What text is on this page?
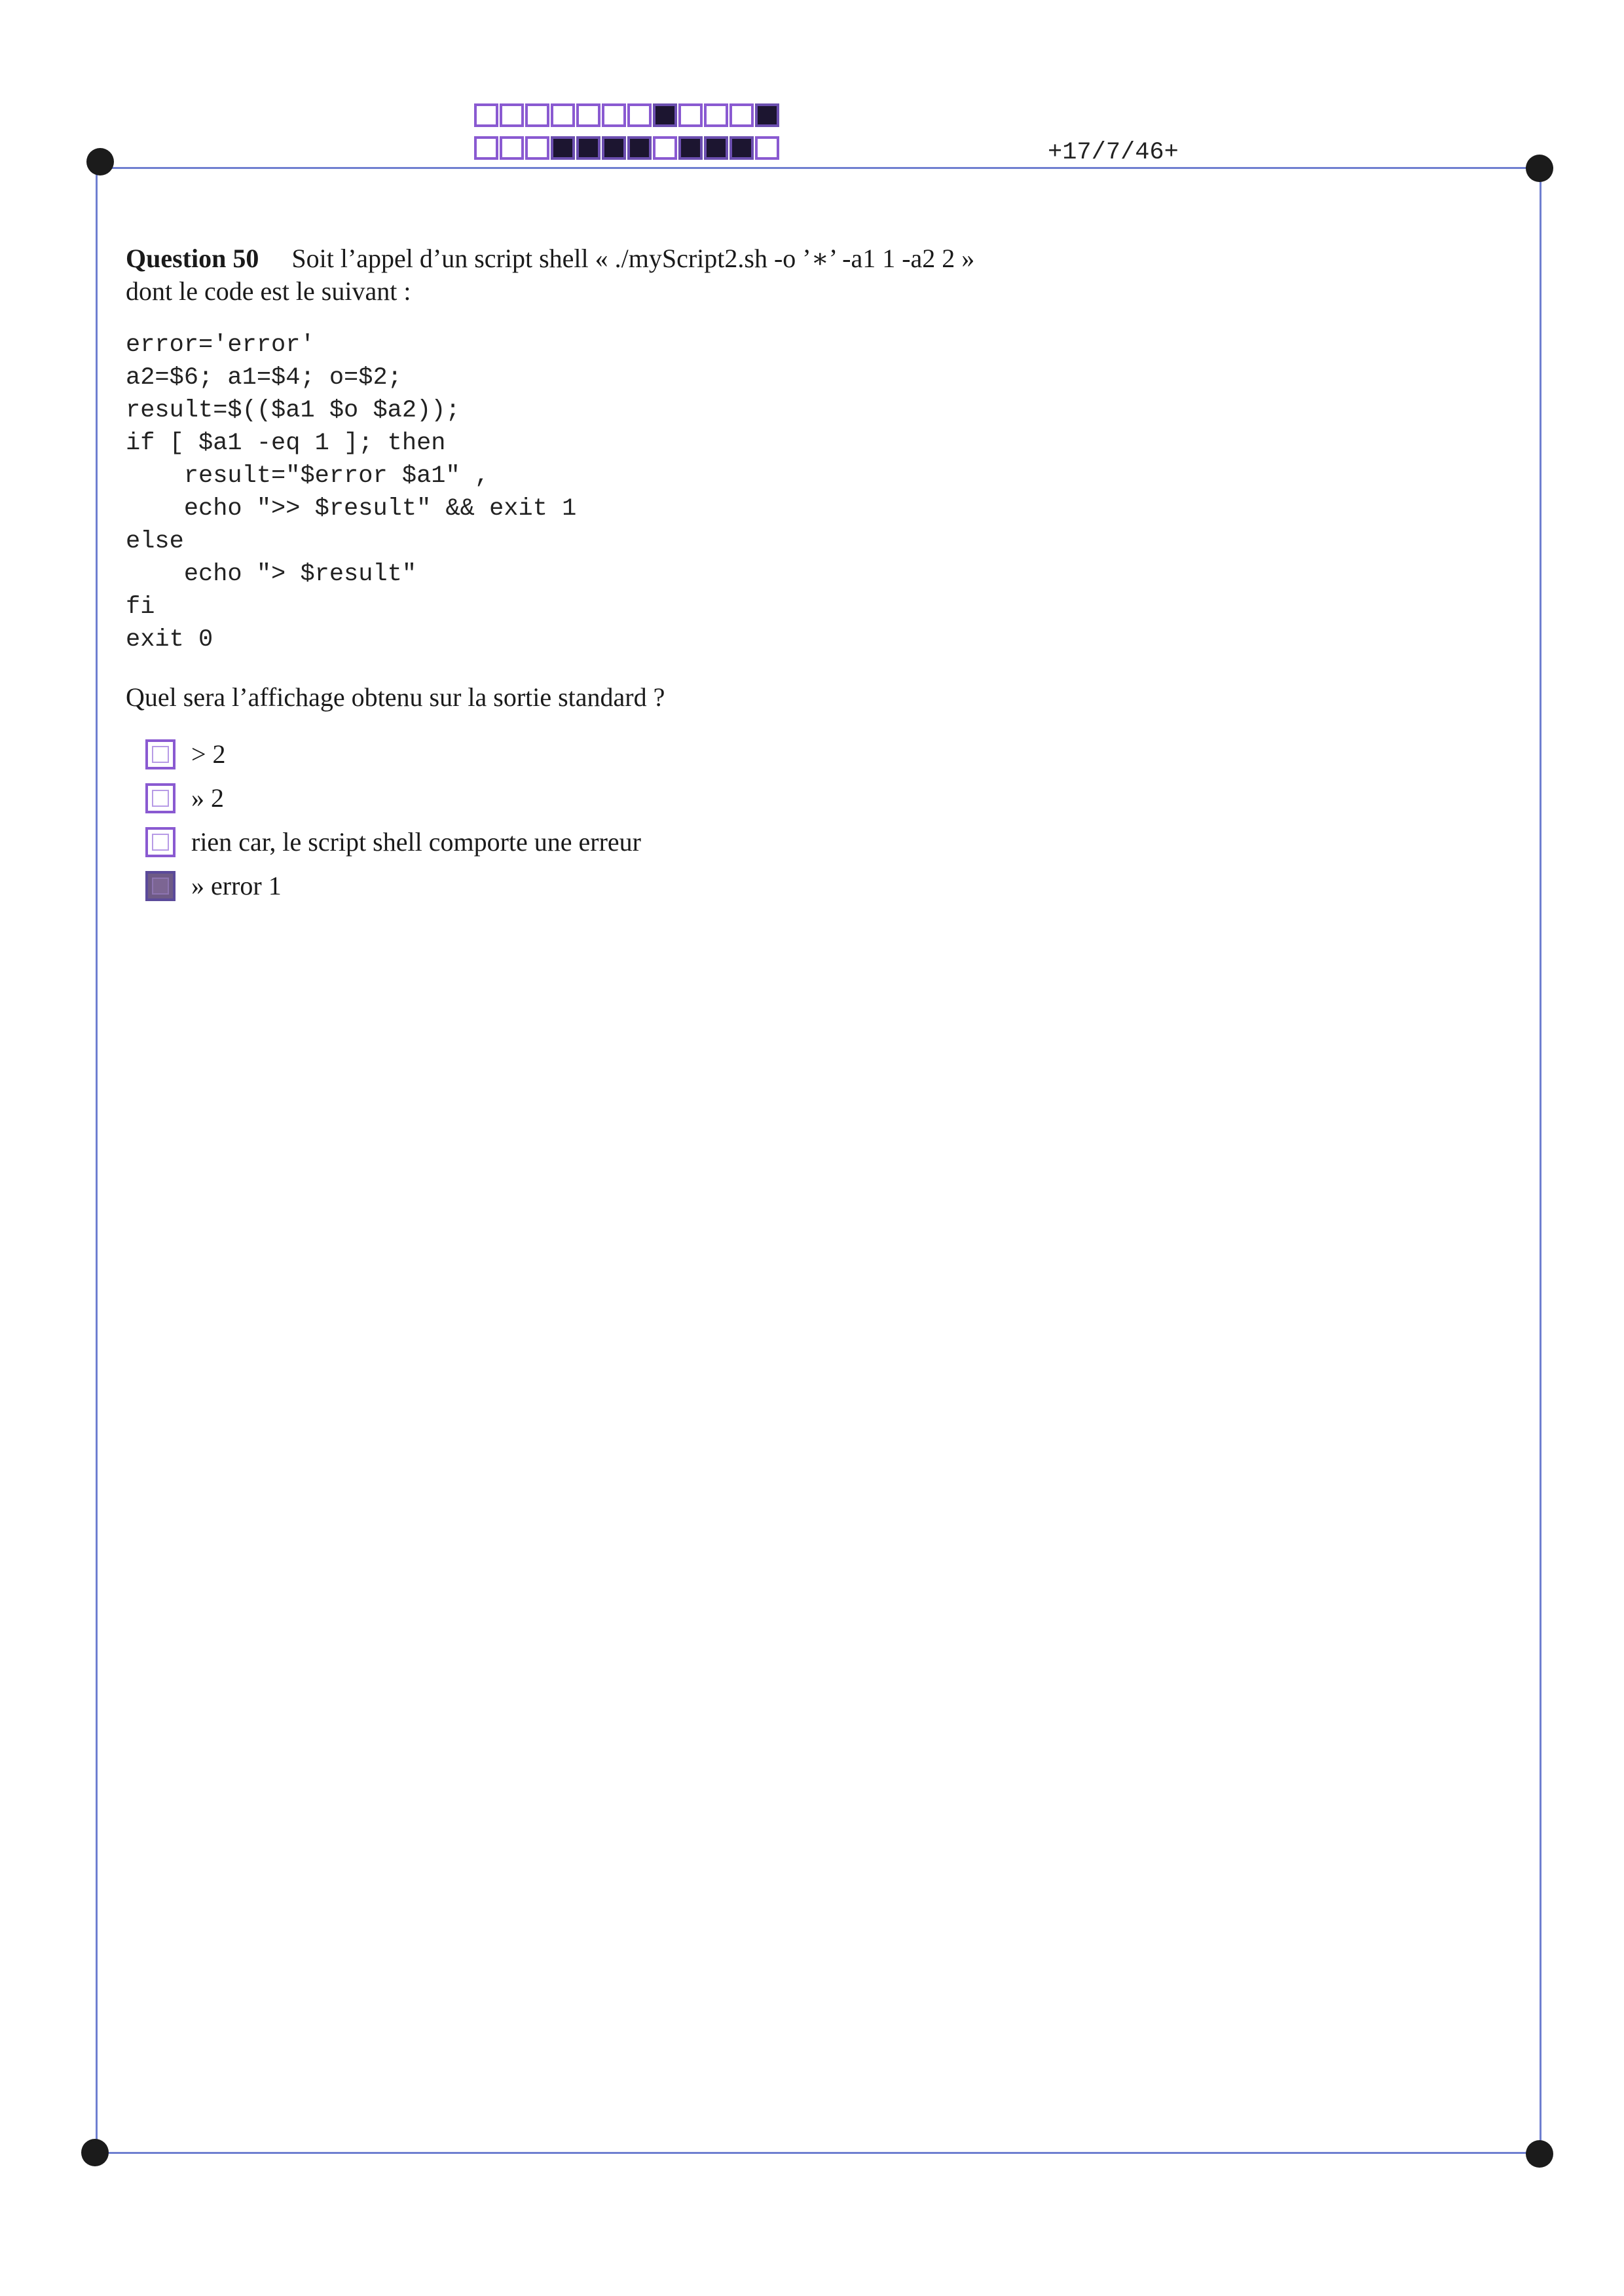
+17/7/46+
Question 50 Soit l’appel d’un script shell « ./myScript2.sh -o ’∗’ -a1 1 -a2 2 »
dont le code est le suivant :
error='error'
a2=$6; a1=$4; o=$2;
result=$(($a1 $o $a2));
if [ $a1 -eq 1 ]; then
result="$error $a1" ,
echo ">> $result" && exit 1
else
echo "> $result"
fi
exit 0
Quel sera l’affichage obtenu sur la sortie standard ?
> 2
» 2
rien car, le script shell comporte une erreur
» error 1
